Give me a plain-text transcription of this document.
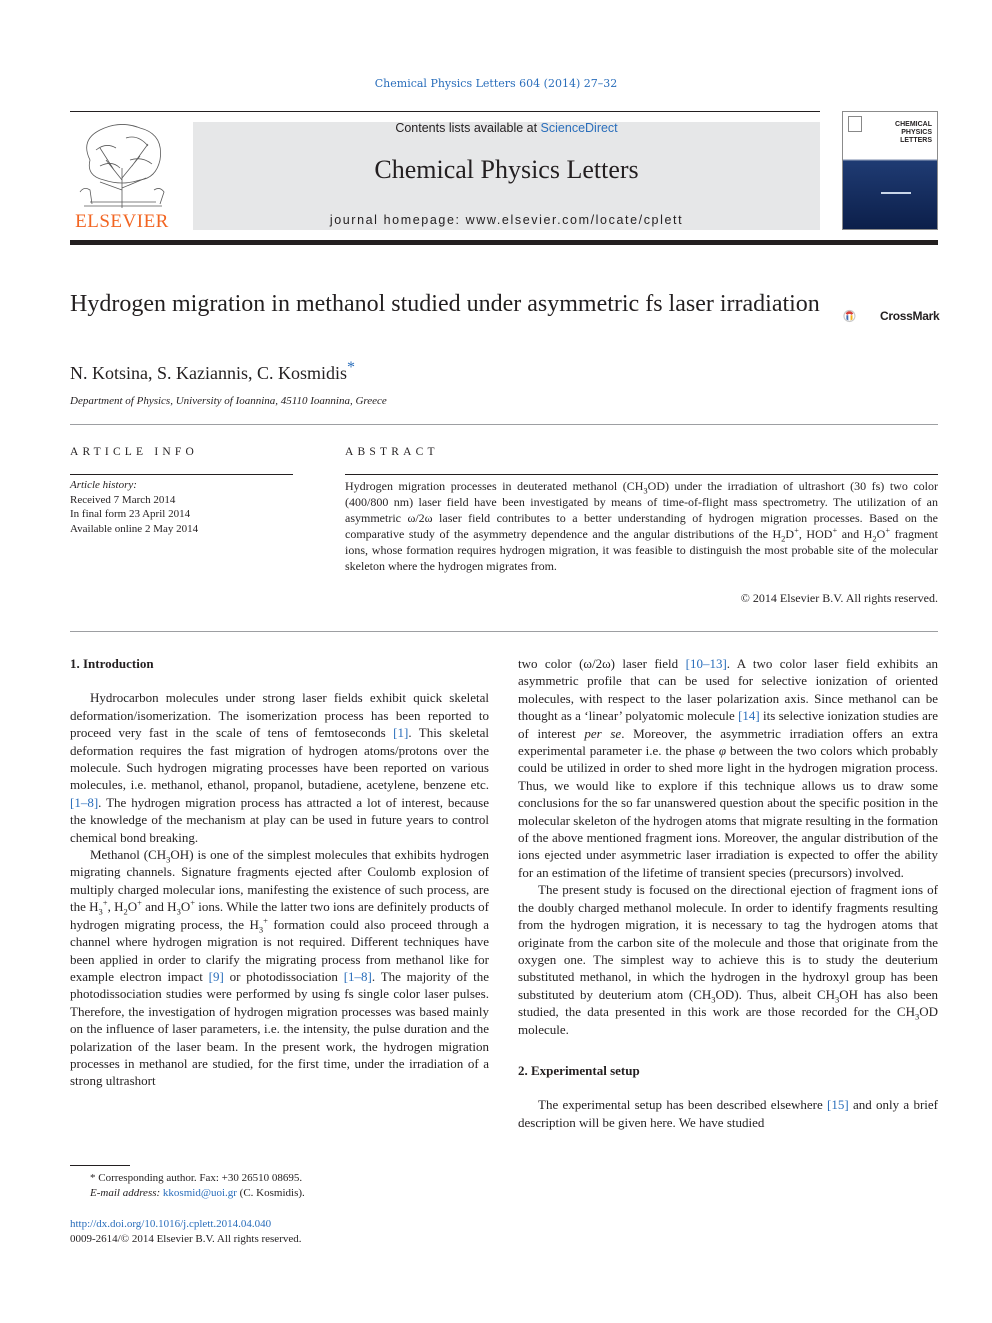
Chemical Physics Letters 604 (2014) 27–32
ELSEVIER
Contents lists available at ScienceDirect
Chemical Physics Letters
journal homepage: www.elsevier.com/locate/cplett
CHEMICAL PHYSICS LETTERS
Hydrogen migration in methanol studied under asymmetric fs laser irradiation	CrossMark
N. Kotsina, S. Kaziannis, C. Kosmidis*
Department of Physics, University of Ioannina, 45110 Ioannina, Greece
ARTICLE INFO	ABSTRACT
Article history:
Received 7 March 2014
In final form 23 April 2014
Available online 2 May 2014
Hydrogen migration processes in deuterated methanol $(CH_3OD)$ under the irradiation of ultrashort (30 fs) two color (400/800 nm) laser field have been investigated by means of time-of-flight mass spectrometry. The utilization of an asymmetric ω/2ω laser field contributes to a better understanding of hydrogen migration processes. Based on the comparative study of the asymmetry dependence and the angular distributions of the $H_2D^+$, HOD+ and $H_2O^+$ fragment ions, whose formation requires hydrogen migration, it was feasible to distinguish the most probable site of the molecular skeleton where the hydrogen migrates from.
© 2014 Elsevier B.V. All rights reserved.
1. Introduction

Hydrocarbon molecules under strong laser fields exhibit quick skeletal deformation/isomerization. The isomerization process has been reported to proceed very fast in the scale of tens of femtoseconds [1]. This skeletal deformation requires the fast migration of hydrogen atoms/protons over the molecule. Such hydrogen migrating processes have been reported on various molecules, i.e. methanol, ethanol, propanol, butadiene, acetylene, benzene etc. [1–8]. The hydrogen migration process has attracted a lot of interest, because the knowledge of the mechanism at play can be used in future years to control chemical bond breaking.

Methanol $(CH_3OH)$ is one of the simplest molecules that exhibits hydrogen migrating channels. Signature fragments ejected after Coulomb explosion of multiply charged molecular ions, manifesting the existence of such process, are the $H_3^+$, $H_2O^+$ and $H_3O^+$ ions. While the latter two ions are definitely products of hydrogen migrating process, the $H_3^+$ formation could also proceed through a channel where hydrogen migration is not required. Different techniques have been applied in order to clarify the migrating process from methanol like for example electron impact [9] or photodissociation [1–8]. The majority of the photodissociation studies were performed by using fs single color laser pulses. Therefore, the investigation of hydrogen migration processes was based mainly on the influence of laser parameters, i.e. the intensity, the pulse duration and the polarization of the laser beam. In the present work, the hydrogen migration processes in methanol are studied, for the first time, under the irradiation of a strong ultrashort

two color (ω/2ω) laser field [10–13]. A two color laser field exhibits an asymmetric profile that can be used for selective ionization of oriented molecules, with respect to the laser polarization axis. Since methanol can be thought as a ‘linear’ polyatomic molecule [14] its selective ionization studies are of interest per se. Moreover, the asymmetric irradiation offers an extra experimental parameter i.e. the phase φ between the two colors which probably could be utilized in order to shed more light in the hydrogen migration process. Thus, we would like to explore if this technique allows us to draw some conclusions for the so far unanswered question about the specific position in the molecular skeleton of the hydrogen atoms that migrate resulting in the formation of the above mentioned fragment ions. Moreover, the angular distribution of the ions ejected under asymmetric laser irradiation is expected to offer the ability for an estimation of the lifetime of transient species (precursors) involved.

The present study is focused on the directional ejection of fragment ions of the doubly charged methanol molecule. In order to identify fragments resulting from the hydrogen migration, it is necessary to tag the hydrogen atoms that originate from the carbon site of the molecule and those that originate from the oxygen one. The simplest way to achieve this is to study the deuterium substituted methanol, in which the hydrogen in the hydroxyl group has been substituted by deuterium atom $(CH_3OD)$. Thus, albeit $CH_3OH$ has also been studied, the data presented in this work are those recorded for the $CH_3OD$ molecule.

2. Experimental setup

The experimental setup has been described elsewhere [15] and only a brief description will be given here. We have studied

* Corresponding author. Fax: +30 26510 08695.
E-mail address: kkosmid@uoi.gr (C. Kosmidis).
http://dx.doi.org/10.1016/j.cplett.2014.04.040
0009-2614/© 2014 Elsevier B.V. All rights reserved.
